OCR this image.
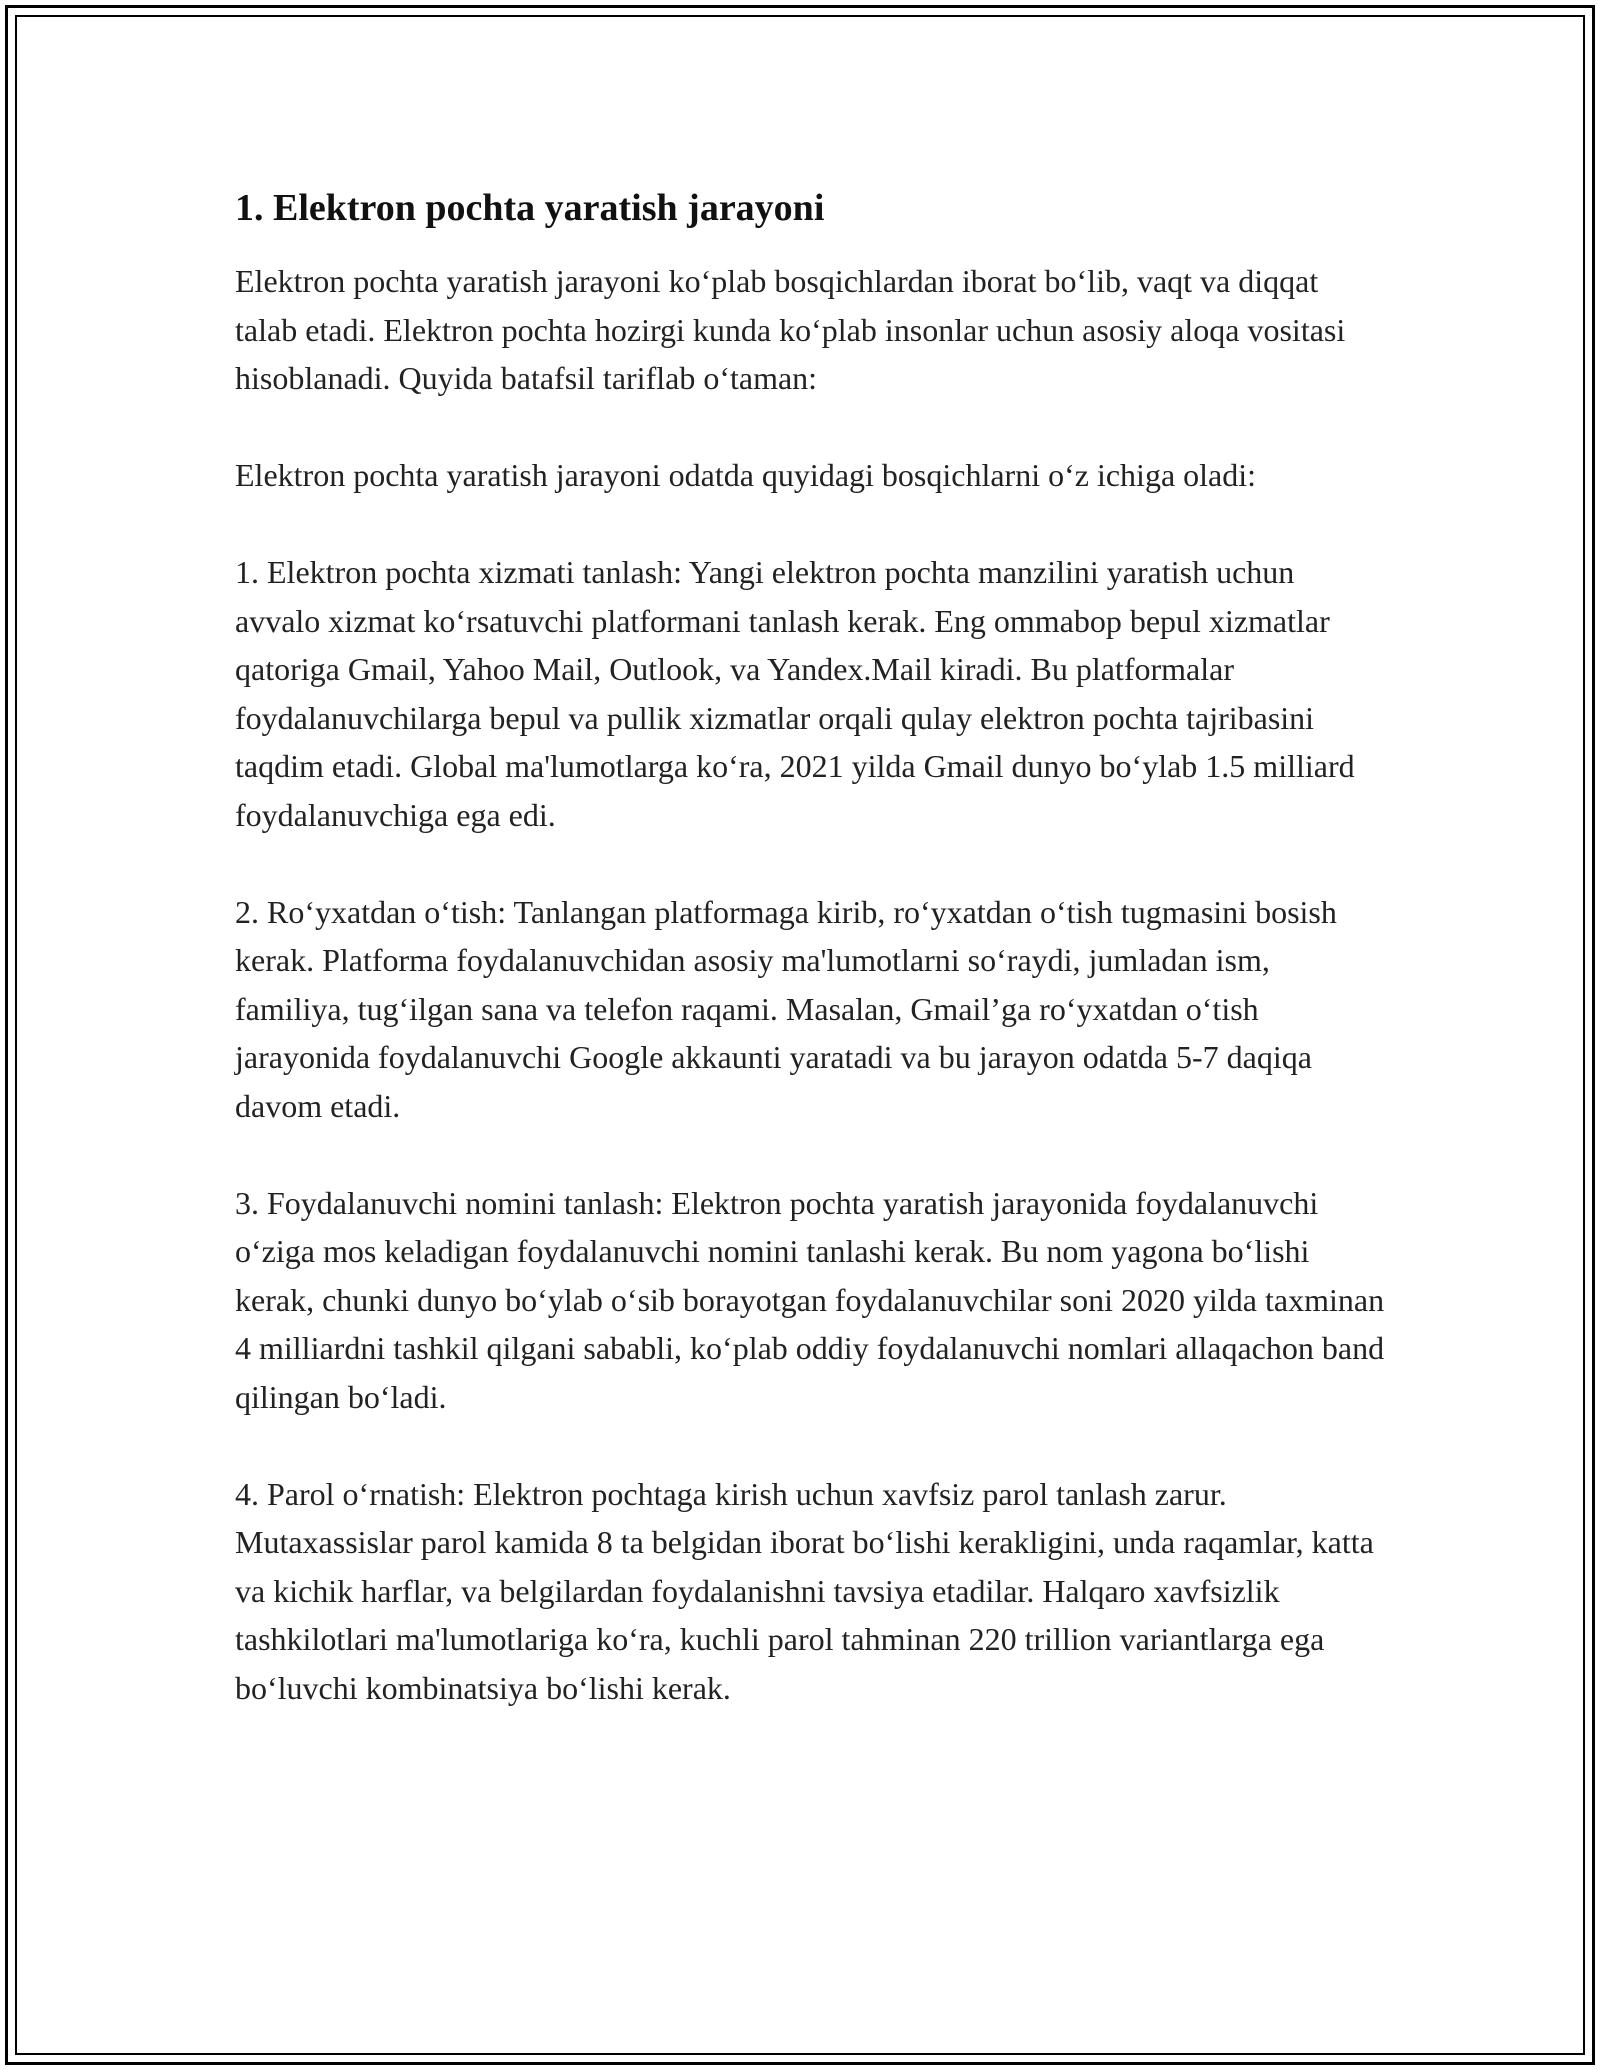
1. Elektron pochta yaratish jarayoni

Elektron pochta yaratish jarayoni ko‘plab bosqichlardan iborat bo‘lib, vaqt va diqqat talab etadi. Elektron pochta hozirgi kunda ko‘plab insonlar uchun asosiy aloqa vositasi hisoblanadi. Quyida batafsil tariflab o‘taman:

Elektron pochta yaratish jarayoni odatda quyidagi bosqichlarni o‘z ichiga oladi:

1. Elektron pochta xizmati tanlash: Yangi elektron pochta manzilini yaratish uchun avvalo xizmat ko‘rsatuvchi platformani tanlash kerak. Eng ommabop bepul xizmatlar qatoriga Gmail, Yahoo Mail, Outlook, va Yandex.Mail kiradi. Bu platformalar foydalanuvchilarga bepul va pullik xizmatlar orqali qulay elektron pochta tajribasini taqdim etadi. Global ma'lumotlarga ko‘ra, 2021 yilda Gmail dunyo bo‘ylab 1.5 milliard foydalanuvchiga ega edi.

2. Ro‘yxatdan o‘tish: Tanlangan platformaga kirib, ro‘yxatdan o‘tish tugmasini bosish kerak. Platforma foydalanuvchidan asosiy ma'lumotlarni so‘raydi, jumladan ism, familiya, tug‘ilgan sana va telefon raqami. Masalan, Gmail’ga ro‘yxatdan o‘tish jarayonida foydalanuvchi Google akkaunti yaratadi va bu jarayon odatda 5-7 daqiqa davom etadi.

3. Foydalanuvchi nomini tanlash: Elektron pochta yaratish jarayonida foydalanuvchi o‘ziga mos keladigan foydalanuvchi nomini tanlashi kerak. Bu nom yagona bo‘lishi kerak, chunki dunyo bo‘ylab o‘sib borayotgan foydalanuvchilar soni 2020 yilda taxminan 4 milliardni tashkil qilgani sababli, ko‘plab oddiy foydalanuvchi nomlari allaqachon band qilingan bo‘ladi.

4. Parol o‘rnatish: Elektron pochtaga kirish uchun xavfsiz parol tanlash zarur. Mutaxassislar parol kamida 8 ta belgidan iborat bo‘lishi kerakligini, unda raqamlar, katta va kichik harflar, va belgilardan foydalanishni tavsiya etadilar. Halqaro xavfsizlik tashkilotlari ma'lumotlariga ko‘ra, kuchli parol tahminan 220 trillion variantlarga ega bo‘luvchi kombinatsiya bo‘lishi kerak.
